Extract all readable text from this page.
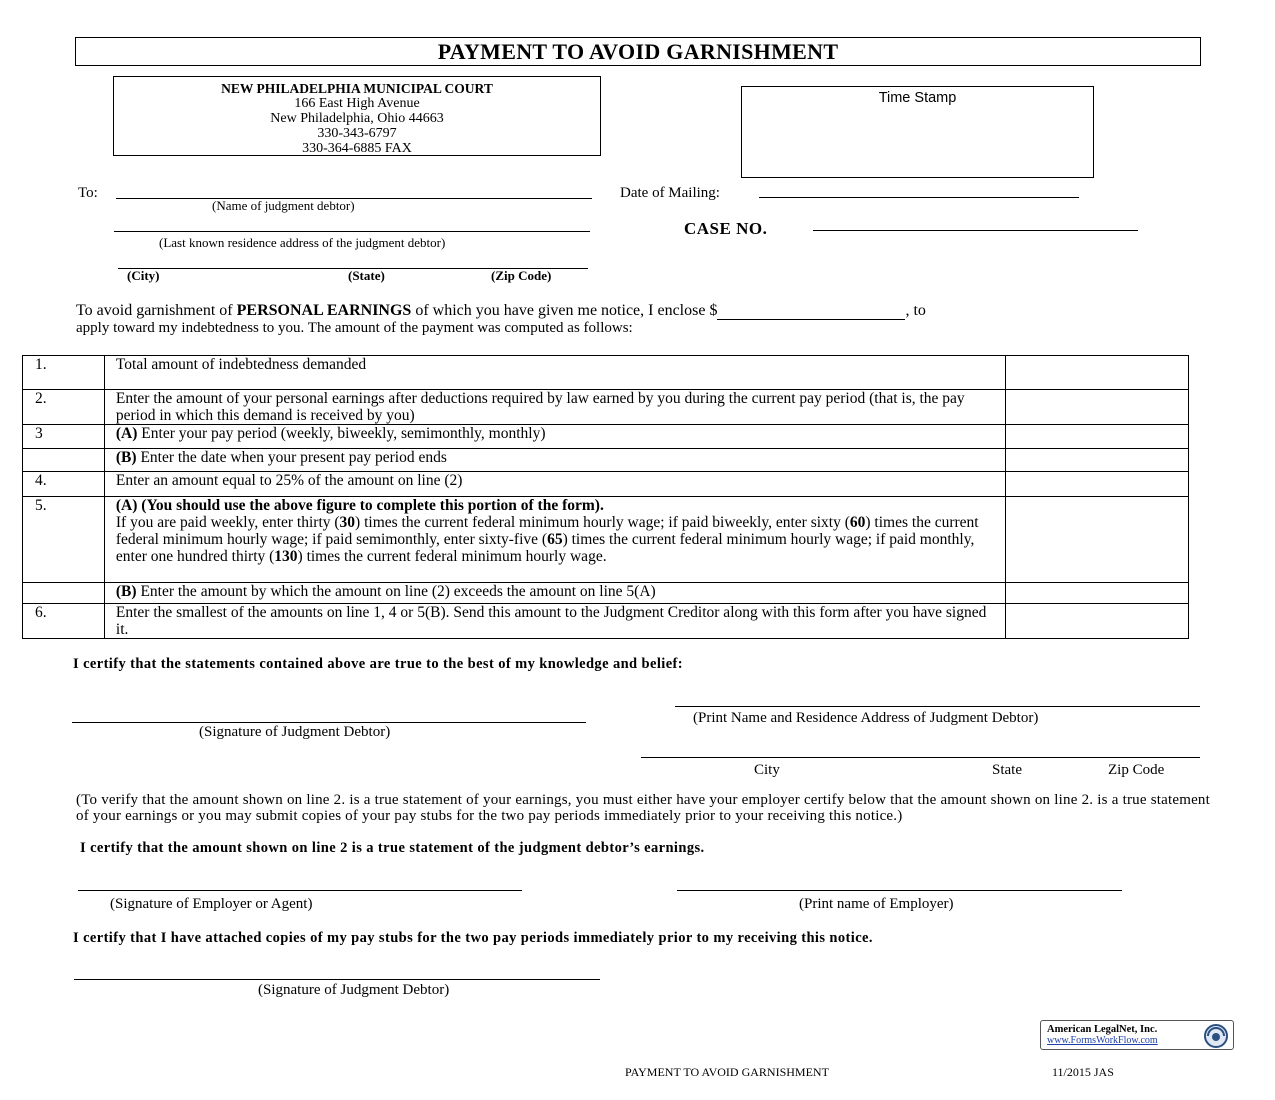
PAYMENT TO AVOID GARNISHMENT
NEW PHILADELPHIA MUNICIPAL COURT
166 East High Avenue
New Philadelphia, Ohio 44663
330-343-6797
330-364-6885 FAX
Time Stamp
To:
(Name of judgment debtor)
(Last known residence address of the judgment debtor)
(City)	(State)	(Zip Code)
Date of Mailing:
CASE NO.
To avoid garnishment of PERSONAL EARNINGS of which you have given me notice, I enclose $	, to
apply toward my indebtedness to you. The amount of the payment was computed as follows:
1.	Total amount of indebtedness demanded	
2.	Enter the amount of your personal earnings after deductions required by law earned by you during the current pay period (that is, the pay period in which this demand is received by you)	
3	(A) Enter your pay period (weekly, biweekly, semimonthly, monthly)	
	(B) Enter the date when your present pay period ends	
4.	Enter an amount equal to 25% of the amount on line (2)	
5.	(A) (You should use the above figure to complete this portion of the form).
If you are paid weekly, enter thirty (30) times the current federal minimum hourly wage; if paid biweekly, enter sixty (60) times the current federal minimum hourly wage; if paid semimonthly, enter sixty-five (65) times the current federal minimum hourly wage; if paid monthly, enter one hundred thirty (130) times the current federal minimum hourly wage.	
	(B) Enter the amount by which the amount on line (2) exceeds the amount on line 5(A)	
6.	Enter the smallest of the amounts on line 1, 4 or 5(B). Send this amount to the Judgment Creditor along with this form after you have signed it.	
I certify that the statements contained above are true to the best of my knowledge and belief:
(Print Name and Residence Address of Judgment Debtor)
(Signature of Judgment Debtor)
City	State	Zip Code
(To verify that the amount shown on line 2. is a true statement of your earnings, you must either have your employer certify below that the amount shown on line 2. is a true statement of your earnings or you may submit copies of your pay stubs for the two pay periods immediately prior to your receiving this notice.)
I certify that the amount shown on line 2 is a true statement of the judgment debtor’s earnings.
(Signature of Employer or Agent)	(Print name of Employer)
I certify that I have attached copies of my pay stubs for the two pay periods immediately prior to my receiving this notice.
(Signature of Judgment Debtor)
American LegalNet, Inc.
www.FormsWorkFlow.com
PAYMENT TO AVOID GARNISHMENT	11/2015 JAS
